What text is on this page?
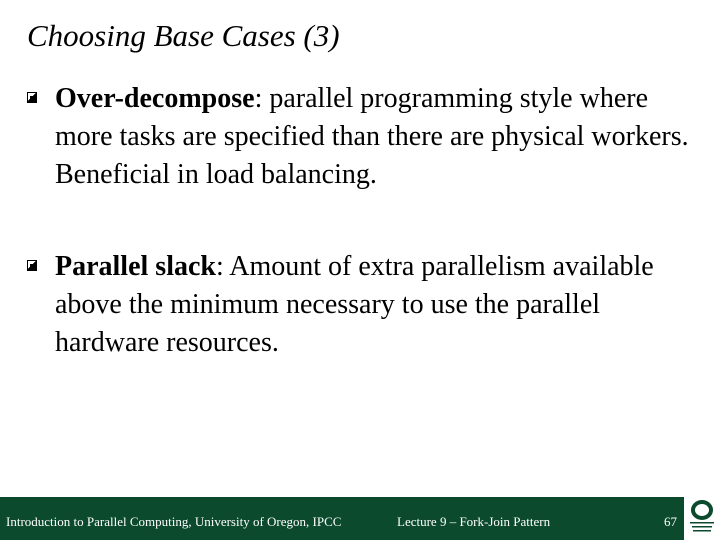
Choosing Base Cases (3)
Over-decompose: parallel programming style where more tasks are specified than there are physical workers. Beneficial in load balancing.
Parallel slack: Amount of extra parallelism available above the minimum necessary to use the parallel hardware resources.
Introduction to Parallel Computing, University of Oregon, IPCC	Lecture 9 – Fork-Join Pattern	67
